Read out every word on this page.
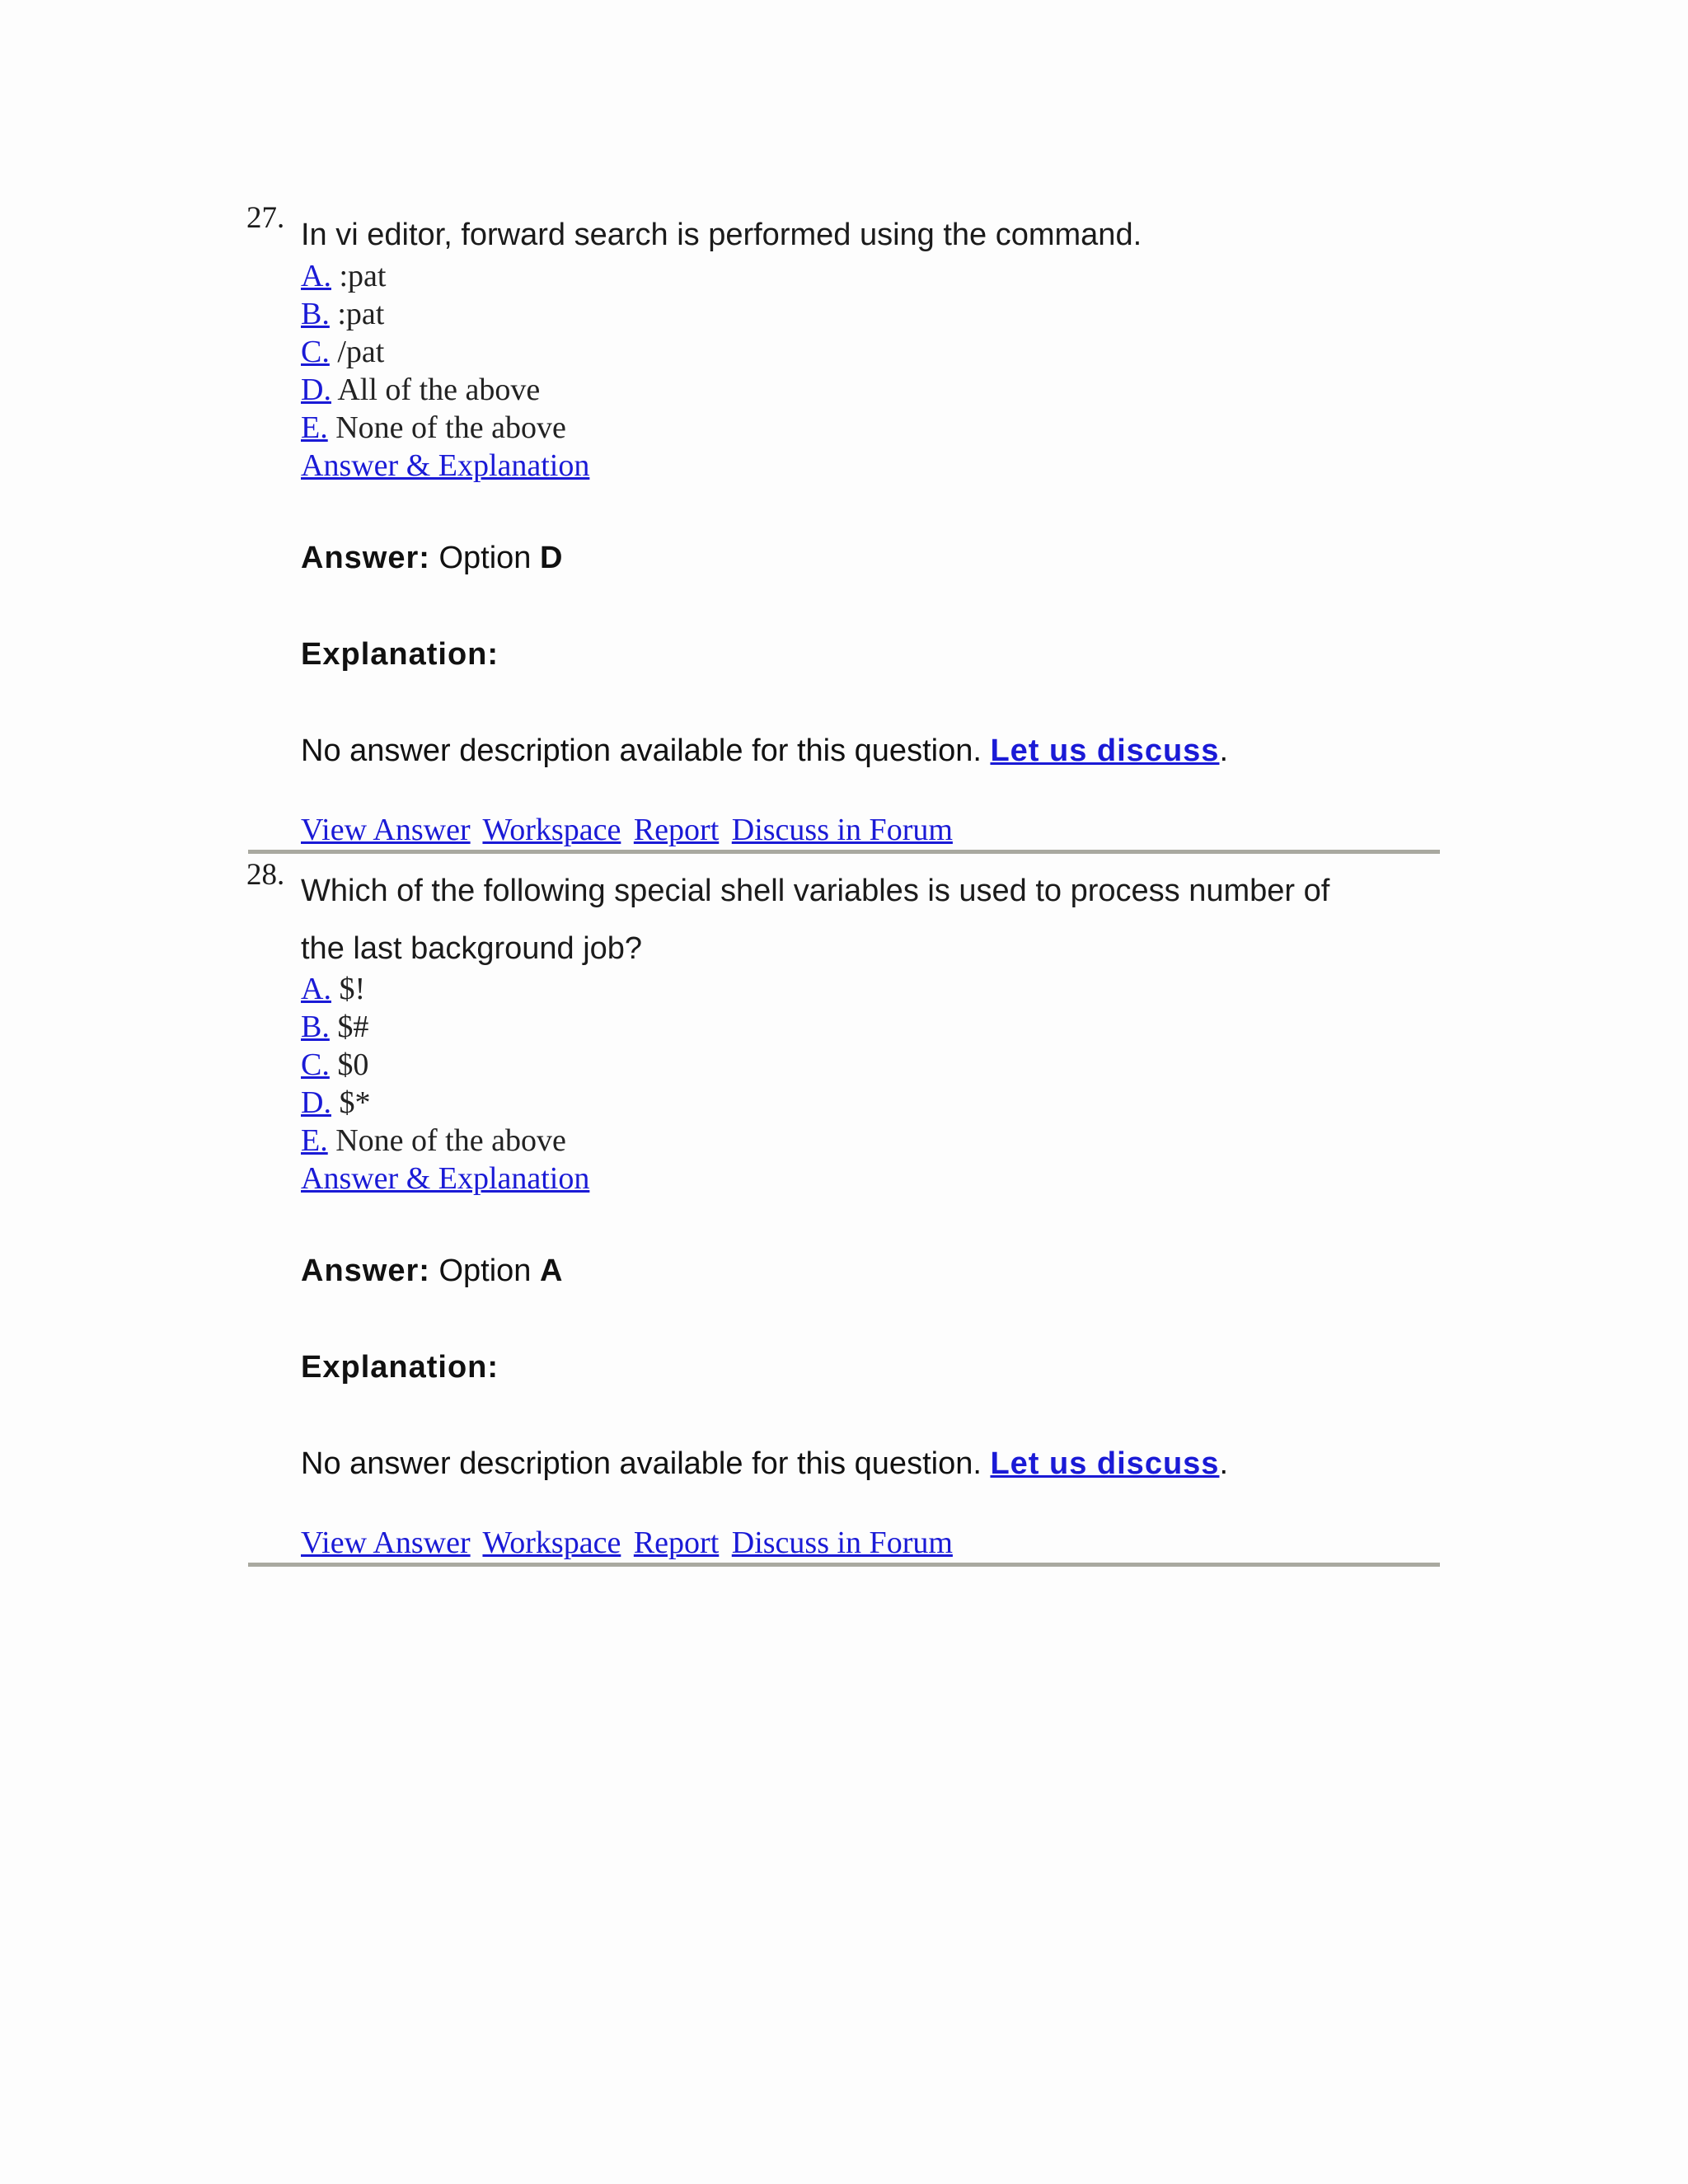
27. In vi editor, forward search is performed using the command.
A. :pat
B. :pat
C. /pat
D. All of the above
E. None of the above
Answer & Explanation
Answer: Option D
Explanation:
No answer description available for this question. Let us discuss.
View Answer Workspace Report Discuss in Forum
28. Which of the following special shell variables is used to process number of
the last background job?
A. $!
B. $#
C. $0
D. $*
E. None of the above
Answer & Explanation
Answer: Option A
Explanation:
No answer description available for this question. Let us discuss.
View Answer Workspace Report Discuss in Forum
